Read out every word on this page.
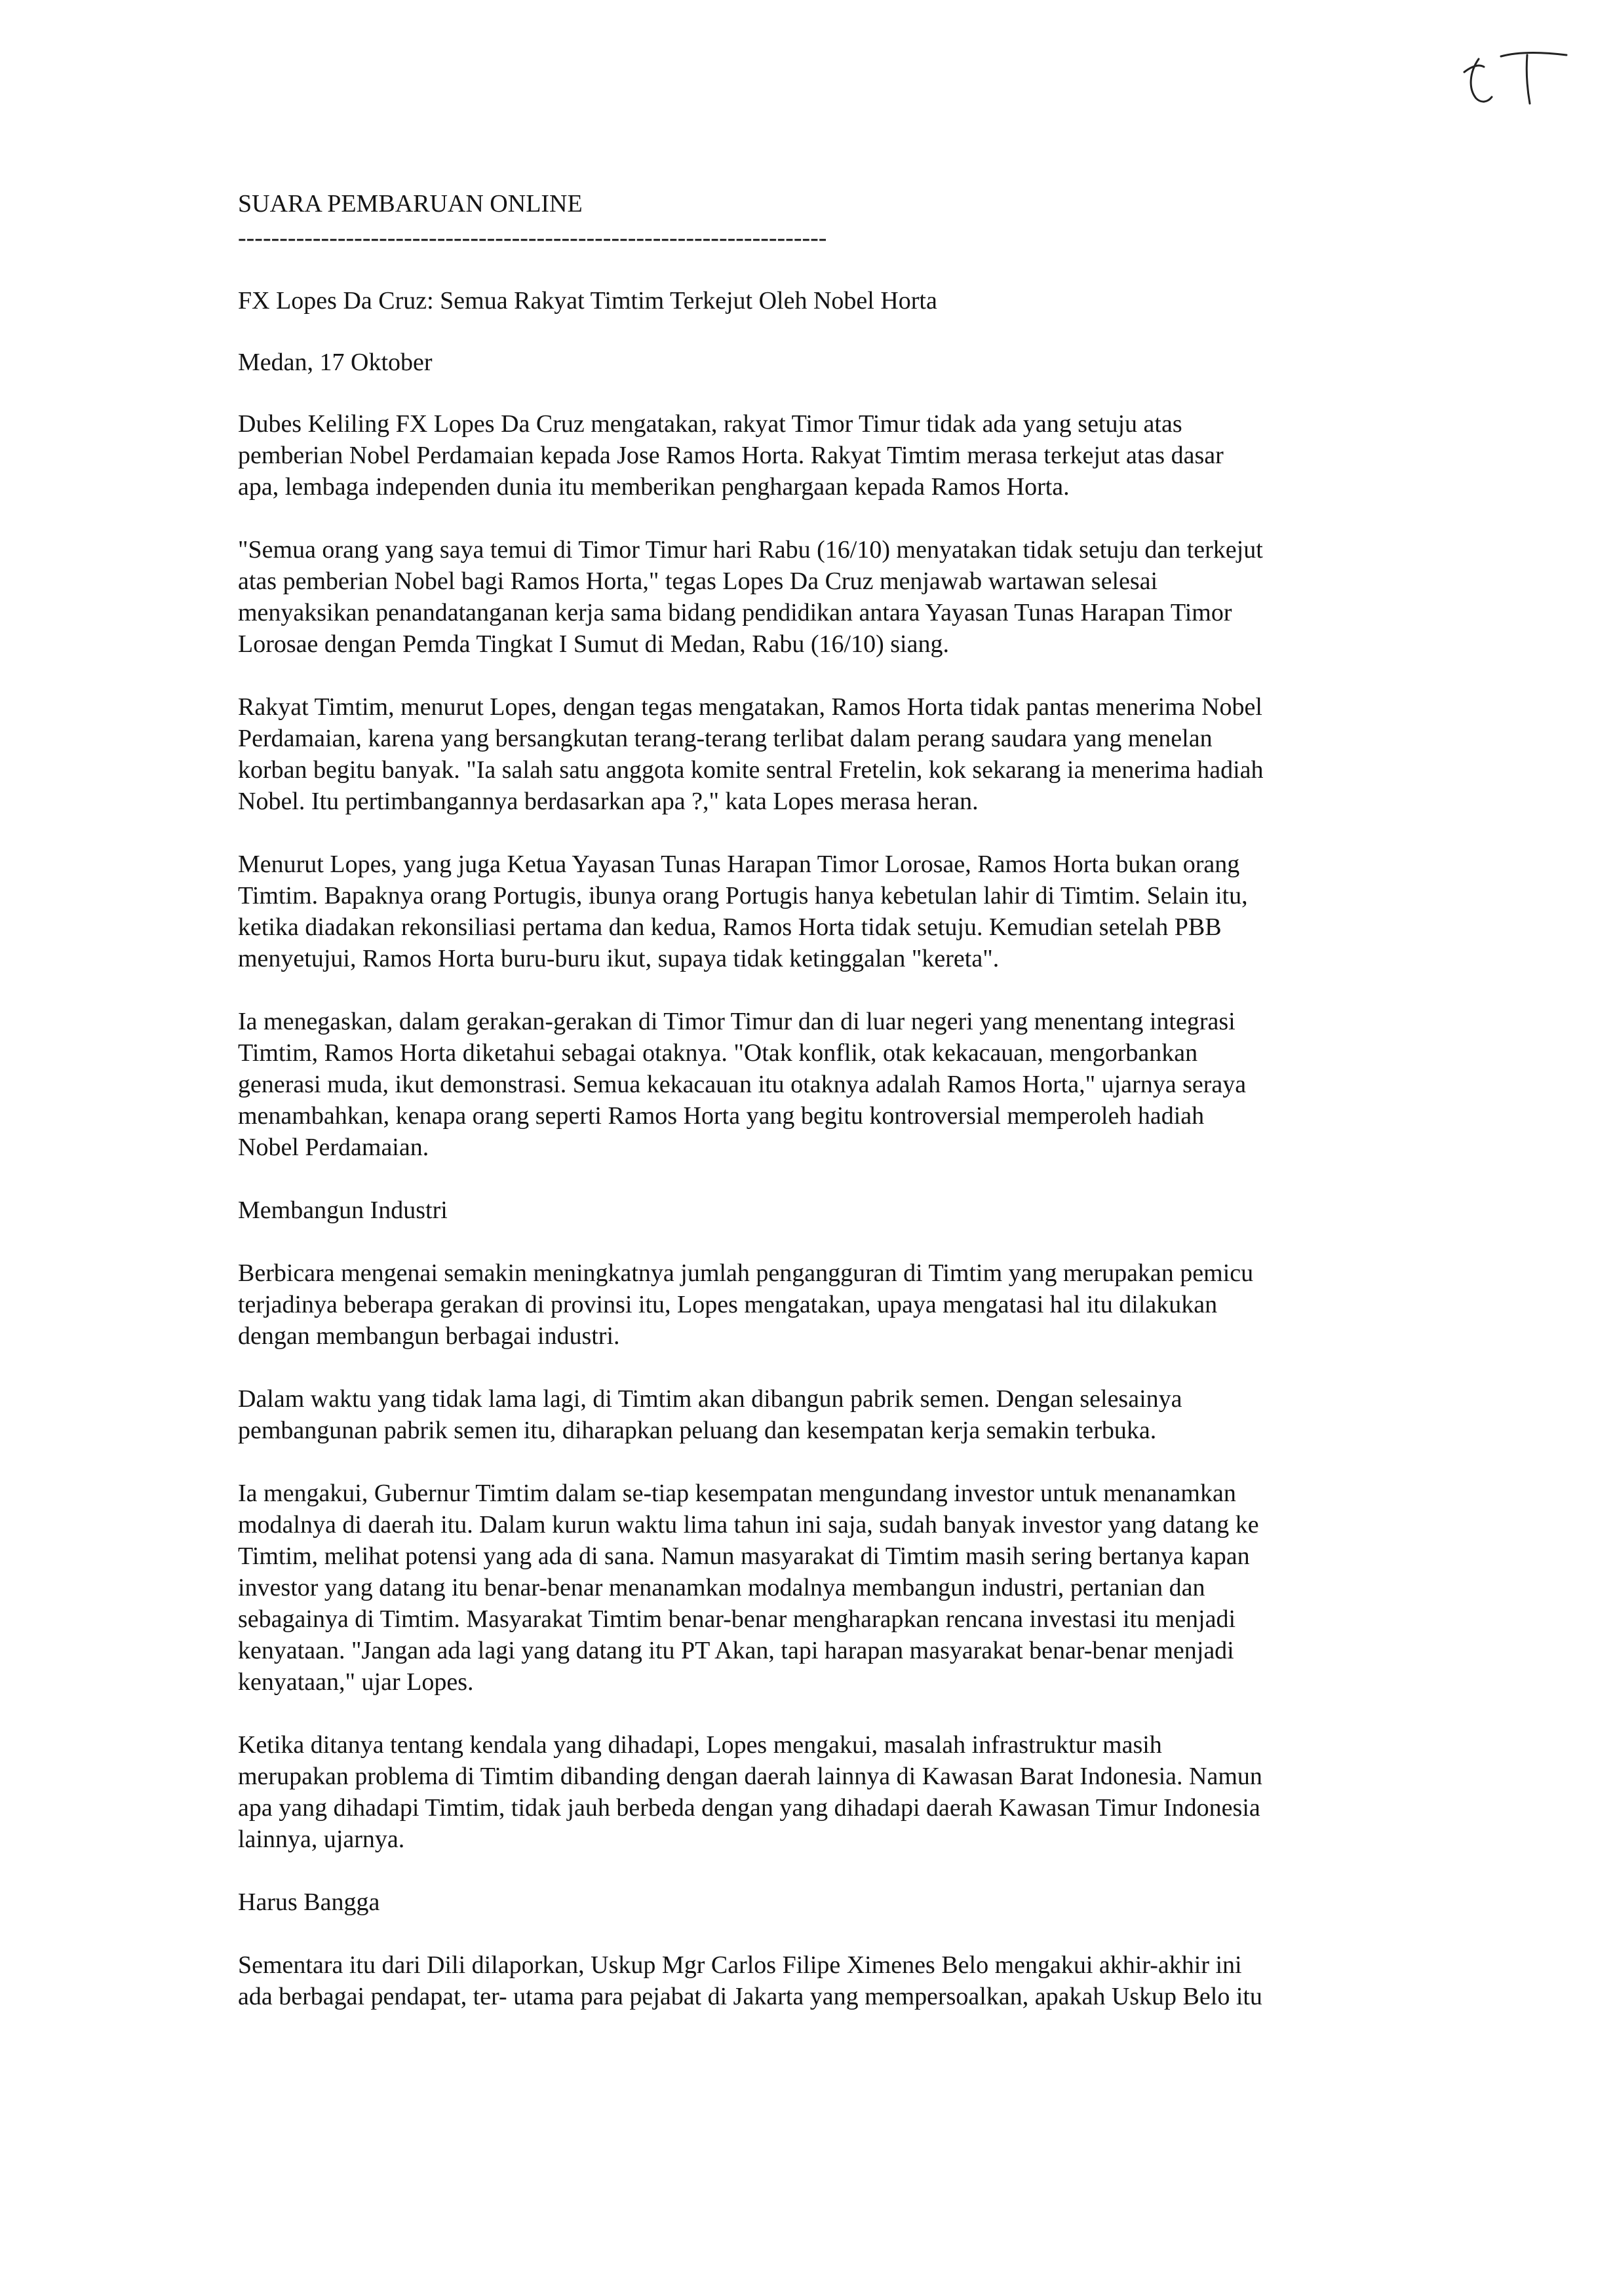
SUARA PEMBARUAN ONLINE

-----------------------------------------------------------------------

FX Lopes Da Cruz: Semua Rakyat Timtim Terkejut Oleh Nobel Horta

Medan, 17 Oktober

Dubes Keliling FX Lopes Da Cruz mengatakan, rakyat Timor Timur tidak ada yang setuju atas
pemberian Nobel Perdamaian kepada Jose Ramos Horta. Rakyat Timtim merasa terkejut atas dasar
apa, lembaga independen dunia itu memberikan penghargaan kepada Ramos Horta.
"Semua orang yang saya temui di Timor Timur hari Rabu (16/10) menyatakan tidak setuju dan terkejut
atas pemberian Nobel bagi Ramos Horta," tegas Lopes Da Cruz menjawab wartawan selesai
menyaksikan penandatanganan kerja sama bidang pendidikan antara Yayasan Tunas Harapan Timor
Lorosae dengan Pemda Tingkat I Sumut di Medan, Rabu (16/10) siang.
Rakyat Timtim, menurut Lopes, dengan tegas mengatakan, Ramos Horta tidak pantas menerima Nobel
Perdamaian, karena yang bersangkutan terang-terang terlibat dalam perang saudara yang menelan
korban begitu banyak. "Ia salah satu anggota komite sentral Fretelin, kok sekarang ia menerima hadiah
Nobel. Itu pertimbangannya berdasarkan apa ?," kata Lopes merasa heran.
Menurut Lopes, yang juga Ketua Yayasan Tunas Harapan Timor Lorosae, Ramos Horta bukan orang
Timtim. Bapaknya orang Portugis, ibunya orang Portugis hanya kebetulan lahir di Timtim. Selain itu,
ketika diadakan rekonsiliasi pertama dan kedua, Ramos Horta tidak setuju. Kemudian setelah PBB
menyetujui, Ramos Horta buru-buru ikut, supaya tidak ketinggalan "kereta".
Ia menegaskan, dalam gerakan-gerakan di Timor Timur dan di luar negeri yang menentang integrasi
Timtim, Ramos Horta diketahui sebagai otaknya. "Otak konflik, otak kekacauan, mengorbankan
generasi muda, ikut demonstrasi. Semua kekacauan itu otaknya adalah Ramos Horta," ujarnya seraya
menambahkan, kenapa orang seperti Ramos Horta yang begitu kontroversial memperoleh hadiah
Nobel Perdamaian.

Membangun Industri

Berbicara mengenai semakin meningkatnya jumlah pengangguran di Timtim yang merupakan pemicu
terjadinya beberapa gerakan di provinsi itu, Lopes mengatakan, upaya mengatasi hal itu dilakukan
dengan membangun berbagai industri.
Dalam waktu yang tidak lama lagi, di Timtim akan dibangun pabrik semen. Dengan selesainya
pembangunan pabrik semen itu, diharapkan peluang dan kesempatan kerja semakin terbuka.
Ia mengakui, Gubernur Timtim dalam se-tiap kesempatan mengundang investor untuk menanamkan
modalnya di daerah itu. Dalam kurun waktu lima tahun ini saja, sudah banyak investor yang datang ke
Timtim, melihat potensi yang ada di sana. Namun masyarakat di Timtim masih sering bertanya kapan
investor yang datang itu benar-benar menanamkan modalnya membangun industri, pertanian dan
sebagainya di Timtim. Masyarakat Timtim benar-benar mengharapkan rencana investasi itu menjadi
kenyataan. "Jangan ada lagi yang datang itu PT Akan, tapi harapan masyarakat benar-benar menjadi
kenyataan," ujar Lopes.
Ketika ditanya tentang kendala yang dihadapi, Lopes mengakui, masalah infrastruktur masih
merupakan problema di Timtim dibanding dengan daerah lainnya di Kawasan Barat Indonesia. Namun
apa yang dihadapi Timtim, tidak jauh berbeda dengan yang dihadapi daerah Kawasan Timur Indonesia
lainnya, ujarnya.

Harus Bangga

Sementara itu dari Dili dilaporkan, Uskup Mgr Carlos Filipe Ximenes Belo mengakui akhir-akhir ini
ada berbagai pendapat, ter- utama para pejabat di Jakarta yang mempersoalkan, apakah Uskup Belo itu
